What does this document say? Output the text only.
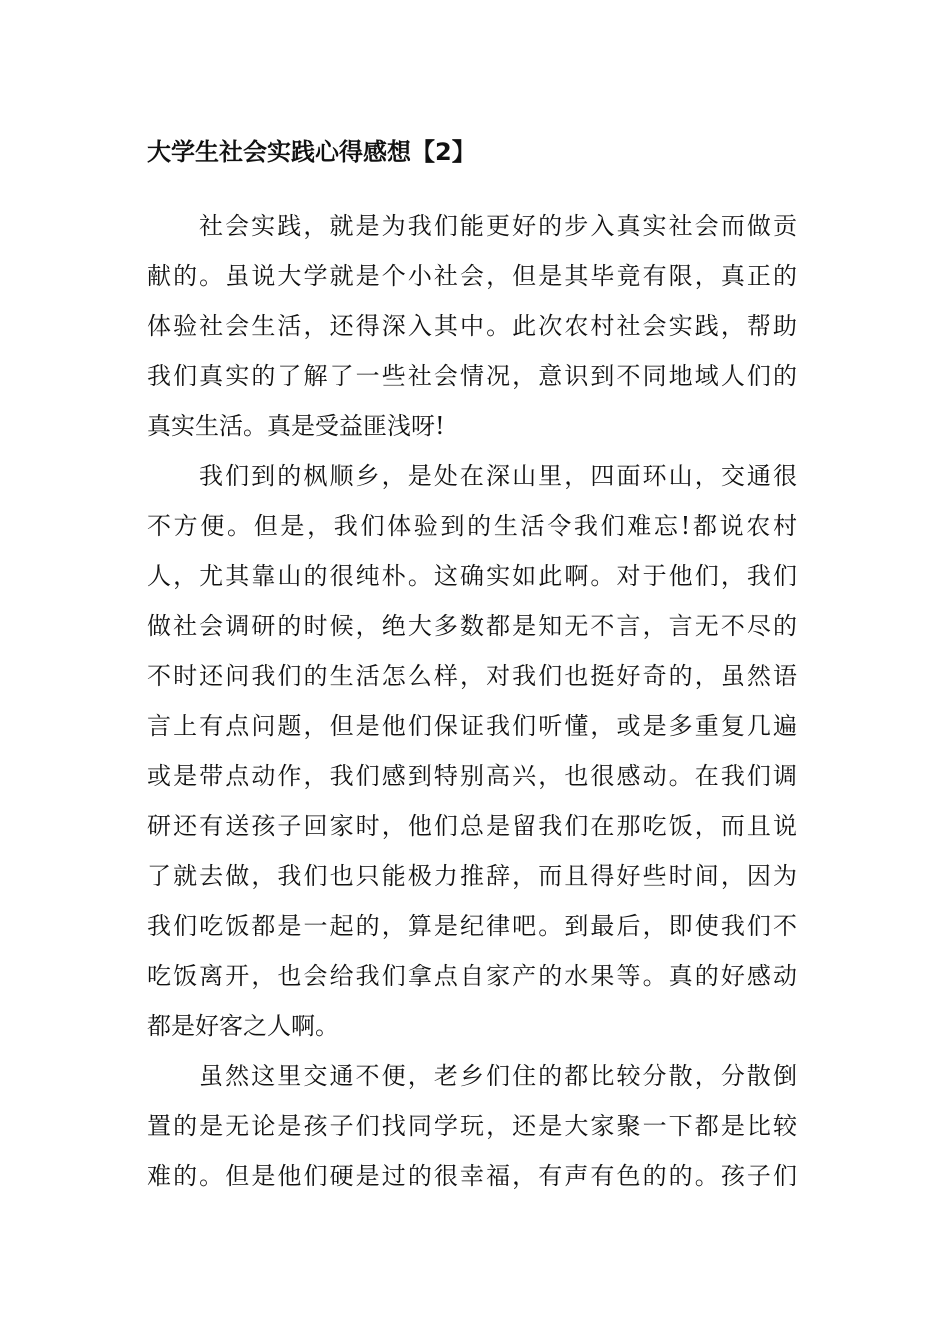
大学生社会实践心得感想【2】
社会实践，就是为我们能更好的步入真实社会而做贡
献的。虽说大学就是个小社会，但是其毕竟有限，真正的
体验社会生活，还得深入其中。此次农村社会实践，帮助
我们真实的了解了一些社会情况，意识到不同地域人们的
真实生活。真是受益匪浅呀!
我们到的枫顺乡，是处在深山里，四面环山，交通很
不方便。但是，我们体验到的生活令我们难忘!都说农村
人，尤其靠山的很纯朴。这确实如此啊。对于他们，我们
做社会调研的时候，绝大多数都是知无不言，言无不尽的
不时还问我们的生活怎么样，对我们也挺好奇的，虽然语
言上有点问题，但是他们保证我们听懂，或是多重复几遍
或是带点动作，我们感到特别高兴，也很感动。在我们调
研还有送孩子回家时，他们总是留我们在那吃饭，而且说
了就去做，我们也只能极力推辞，而且得好些时间，因为
我们吃饭都是一起的，算是纪律吧。到最后，即使我们不
吃饭离开，也会给我们拿点自家产的水果等。真的好感动
都是好客之人啊。
虽然这里交通不便，老乡们住的都比较分散，分散倒
置的是无论是孩子们找同学玩，还是大家聚一下都是比较
难的。但是他们硬是过的很幸福，有声有色的的。孩子们
